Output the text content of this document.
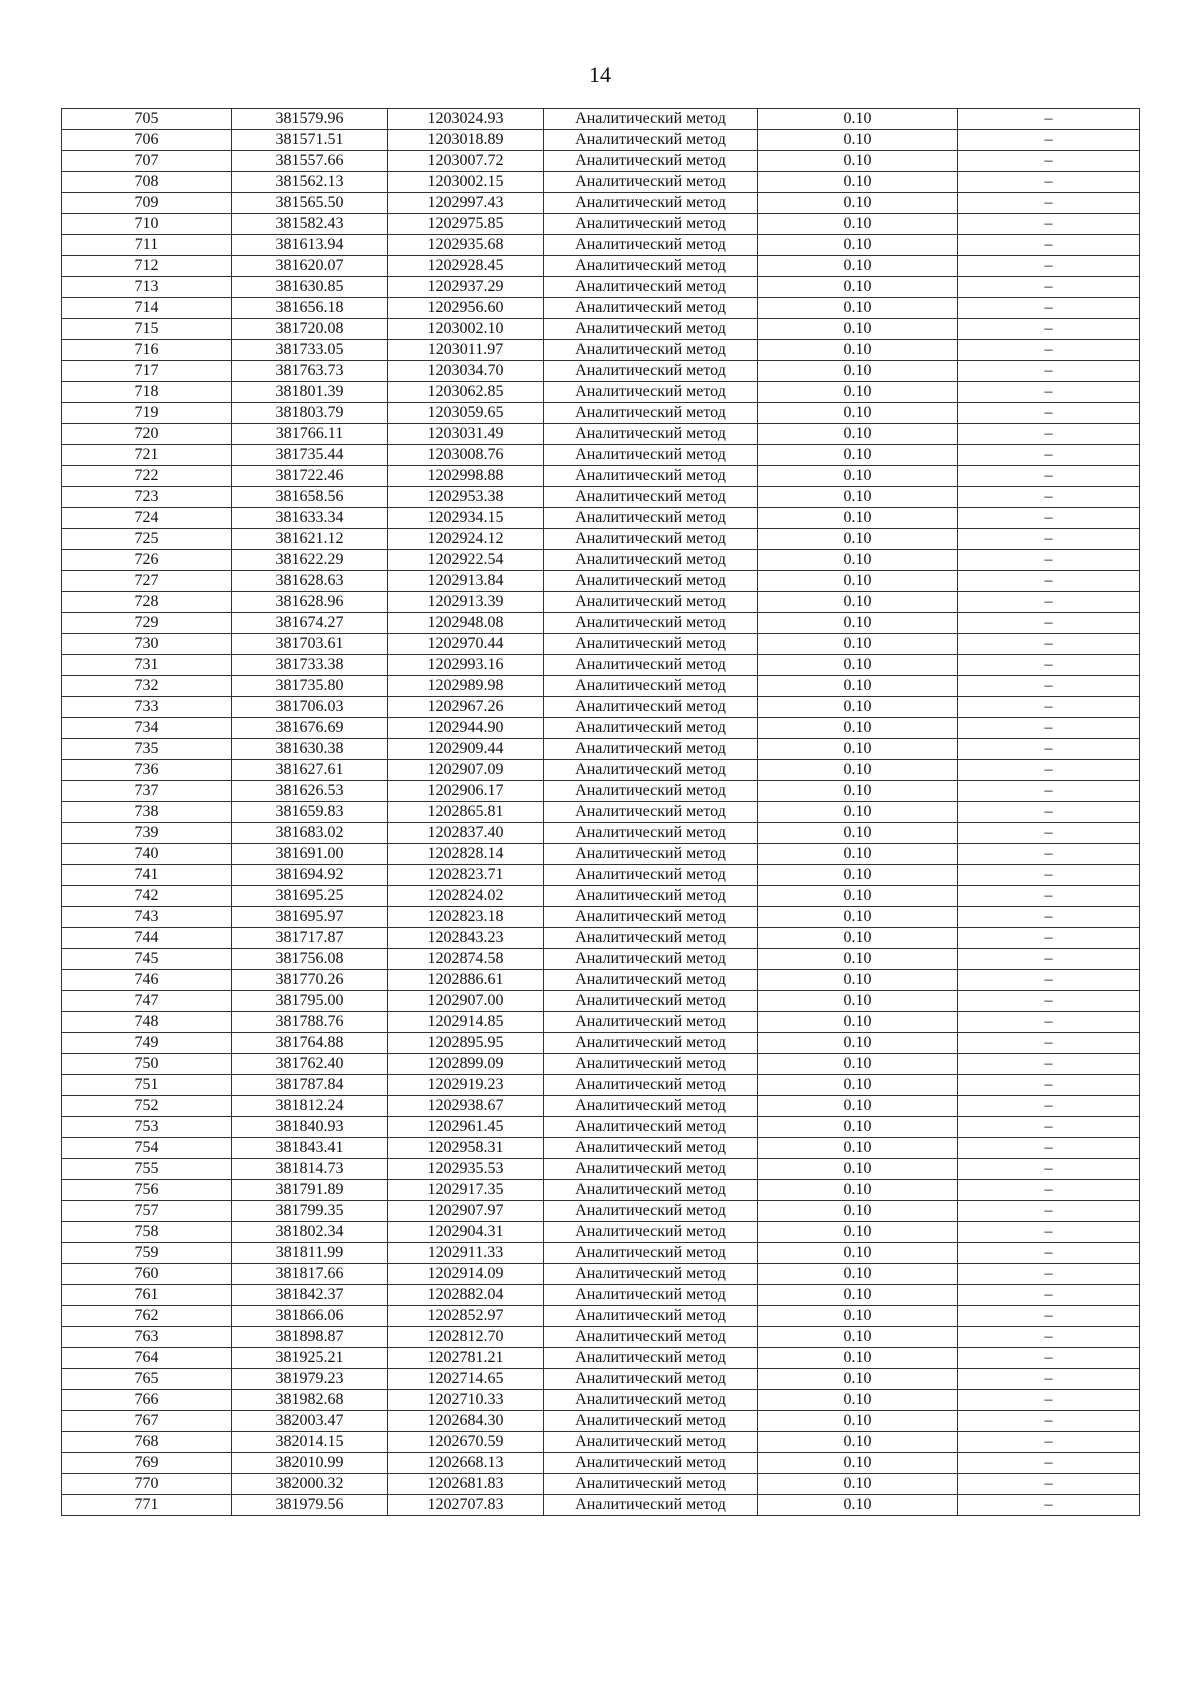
14
705	381579.96	1203024.93	Аналитический метод	0.10	–
706	381571.51	1203018.89	Аналитический метод	0.10	–
707	381557.66	1203007.72	Аналитический метод	0.10	–
708	381562.13	1203002.15	Аналитический метод	0.10	–
709	381565.50	1202997.43	Аналитический метод	0.10	–
710	381582.43	1202975.85	Аналитический метод	0.10	–
711	381613.94	1202935.68	Аналитический метод	0.10	–
712	381620.07	1202928.45	Аналитический метод	0.10	–
713	381630.85	1202937.29	Аналитический метод	0.10	–
714	381656.18	1202956.60	Аналитический метод	0.10	–
715	381720.08	1203002.10	Аналитический метод	0.10	–
716	381733.05	1203011.97	Аналитический метод	0.10	–
717	381763.73	1203034.70	Аналитический метод	0.10	–
718	381801.39	1203062.85	Аналитический метод	0.10	–
719	381803.79	1203059.65	Аналитический метод	0.10	–
720	381766.11	1203031.49	Аналитический метод	0.10	–
721	381735.44	1203008.76	Аналитический метод	0.10	–
722	381722.46	1202998.88	Аналитический метод	0.10	–
723	381658.56	1202953.38	Аналитический метод	0.10	–
724	381633.34	1202934.15	Аналитический метод	0.10	–
725	381621.12	1202924.12	Аналитический метод	0.10	–
726	381622.29	1202922.54	Аналитический метод	0.10	–
727	381628.63	1202913.84	Аналитический метод	0.10	–
728	381628.96	1202913.39	Аналитический метод	0.10	–
729	381674.27	1202948.08	Аналитический метод	0.10	–
730	381703.61	1202970.44	Аналитический метод	0.10	–
731	381733.38	1202993.16	Аналитический метод	0.10	–
732	381735.80	1202989.98	Аналитический метод	0.10	–
733	381706.03	1202967.26	Аналитический метод	0.10	–
734	381676.69	1202944.90	Аналитический метод	0.10	–
735	381630.38	1202909.44	Аналитический метод	0.10	–
736	381627.61	1202907.09	Аналитический метод	0.10	–
737	381626.53	1202906.17	Аналитический метод	0.10	–
738	381659.83	1202865.81	Аналитический метод	0.10	–
739	381683.02	1202837.40	Аналитический метод	0.10	–
740	381691.00	1202828.14	Аналитический метод	0.10	–
741	381694.92	1202823.71	Аналитический метод	0.10	–
742	381695.25	1202824.02	Аналитический метод	0.10	–
743	381695.97	1202823.18	Аналитический метод	0.10	–
744	381717.87	1202843.23	Аналитический метод	0.10	–
745	381756.08	1202874.58	Аналитический метод	0.10	–
746	381770.26	1202886.61	Аналитический метод	0.10	–
747	381795.00	1202907.00	Аналитический метод	0.10	–
748	381788.76	1202914.85	Аналитический метод	0.10	–
749	381764.88	1202895.95	Аналитический метод	0.10	–
750	381762.40	1202899.09	Аналитический метод	0.10	–
751	381787.84	1202919.23	Аналитический метод	0.10	–
752	381812.24	1202938.67	Аналитический метод	0.10	–
753	381840.93	1202961.45	Аналитический метод	0.10	–
754	381843.41	1202958.31	Аналитический метод	0.10	–
755	381814.73	1202935.53	Аналитический метод	0.10	–
756	381791.89	1202917.35	Аналитический метод	0.10	–
757	381799.35	1202907.97	Аналитический метод	0.10	–
758	381802.34	1202904.31	Аналитический метод	0.10	–
759	381811.99	1202911.33	Аналитический метод	0.10	–
760	381817.66	1202914.09	Аналитический метод	0.10	–
761	381842.37	1202882.04	Аналитический метод	0.10	–
762	381866.06	1202852.97	Аналитический метод	0.10	–
763	381898.87	1202812.70	Аналитический метод	0.10	–
764	381925.21	1202781.21	Аналитический метод	0.10	–
765	381979.23	1202714.65	Аналитический метод	0.10	–
766	381982.68	1202710.33	Аналитический метод	0.10	–
767	382003.47	1202684.30	Аналитический метод	0.10	–
768	382014.15	1202670.59	Аналитический метод	0.10	–
769	382010.99	1202668.13	Аналитический метод	0.10	–
770	382000.32	1202681.83	Аналитический метод	0.10	–
771	381979.56	1202707.83	Аналитический метод	0.10	–
